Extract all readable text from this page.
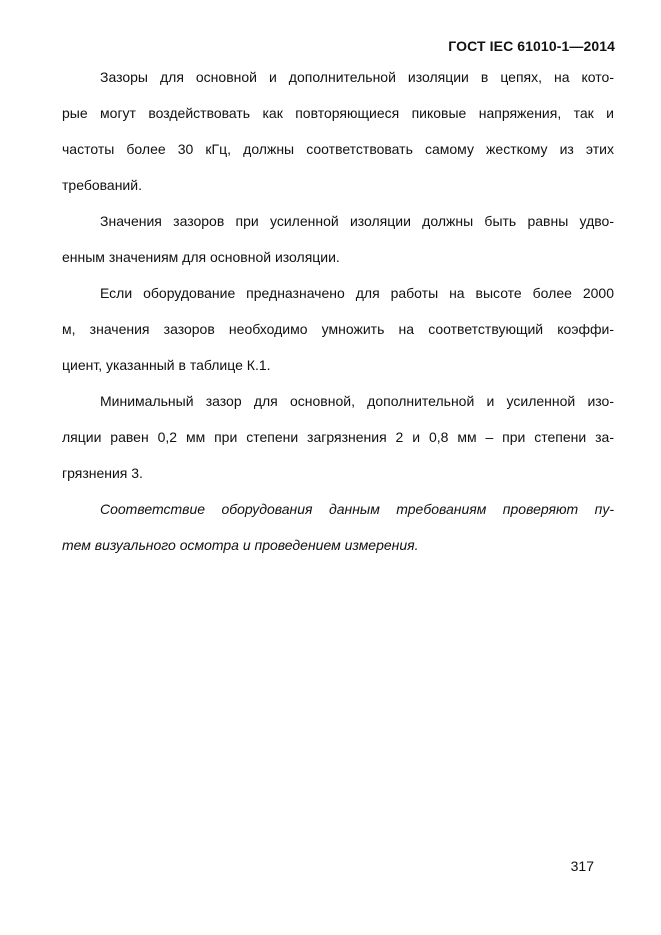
ГОСТ IEC 61010-1—2014
Зазоры для основной и дополнительной изоляции в цепях, на кото-
рые могут воздействовать как повторяющиеся пиковые напряжения, так и
частоты более 30 кГц, должны соответствовать самому жесткому из этих
требований.
Значения зазоров при усиленной изоляции должны быть равны удво-
енным значениям для основной изоляции.
Если оборудование предназначено для работы на высоте более 2000
м, значения зазоров необходимо умножить на соответствующий коэффи-
циент, указанный в таблице К.1.
Минимальный зазор для основной, дополнительной и усиленной изо-
ляции равен 0,2 мм при степени загрязнения 2 и 0,8 мм – при степени за-
грязнения 3.
Соответствие оборудования данным требованиям проверяют пу-
тем визуального осмотра и проведением измерения.
317
